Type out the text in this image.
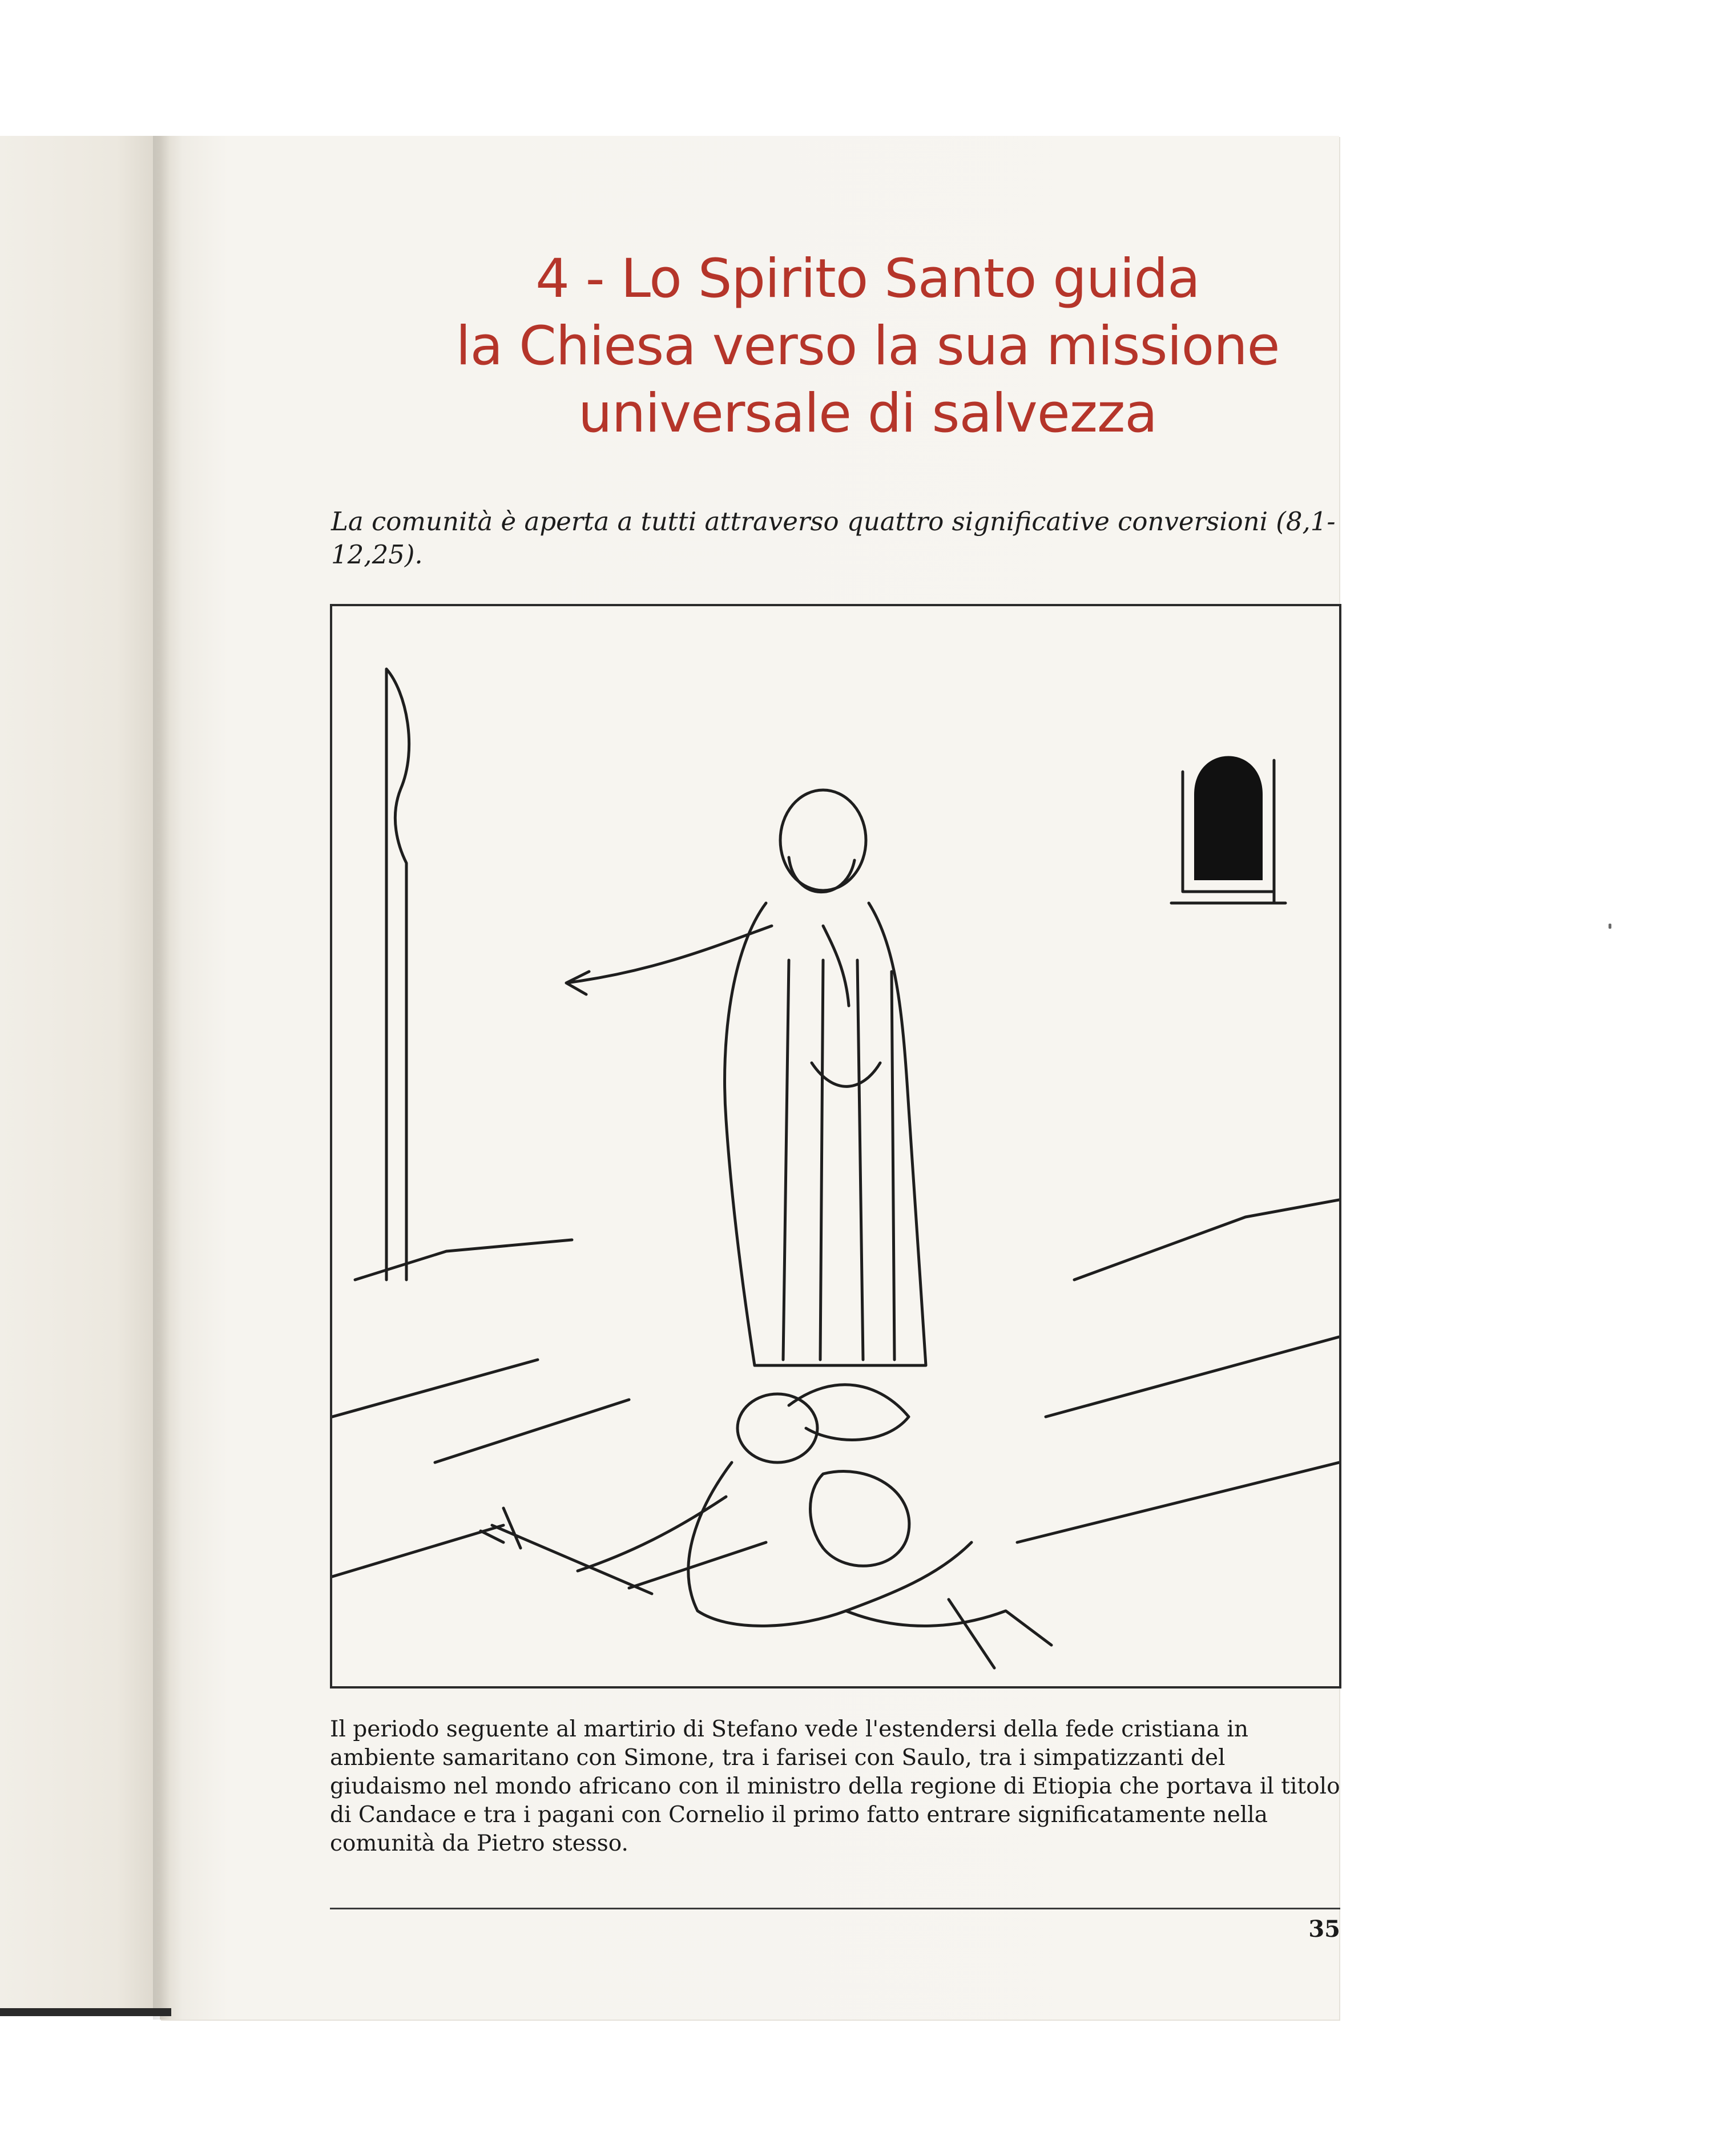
4 - Lo Spirito Santo guida
la Chiesa verso la sua missione
universale di salvezza

La comunità è aperta a tutti attraverso quattro significative conversioni (8,1-12,25).

Il periodo seguente al martirio di Stefano vede l'estendersi della fede cristiana in ambiente samaritano con Simone, tra i farisei con Saulo, tra i simpatizzanti del giudaismo nel mondo africano con il ministro della regione di Etiopia che portava il titolo di Candace e tra i pagani con Cornelio il primo fatto entrare significatamente nella comunità da Pietro stesso.

35
